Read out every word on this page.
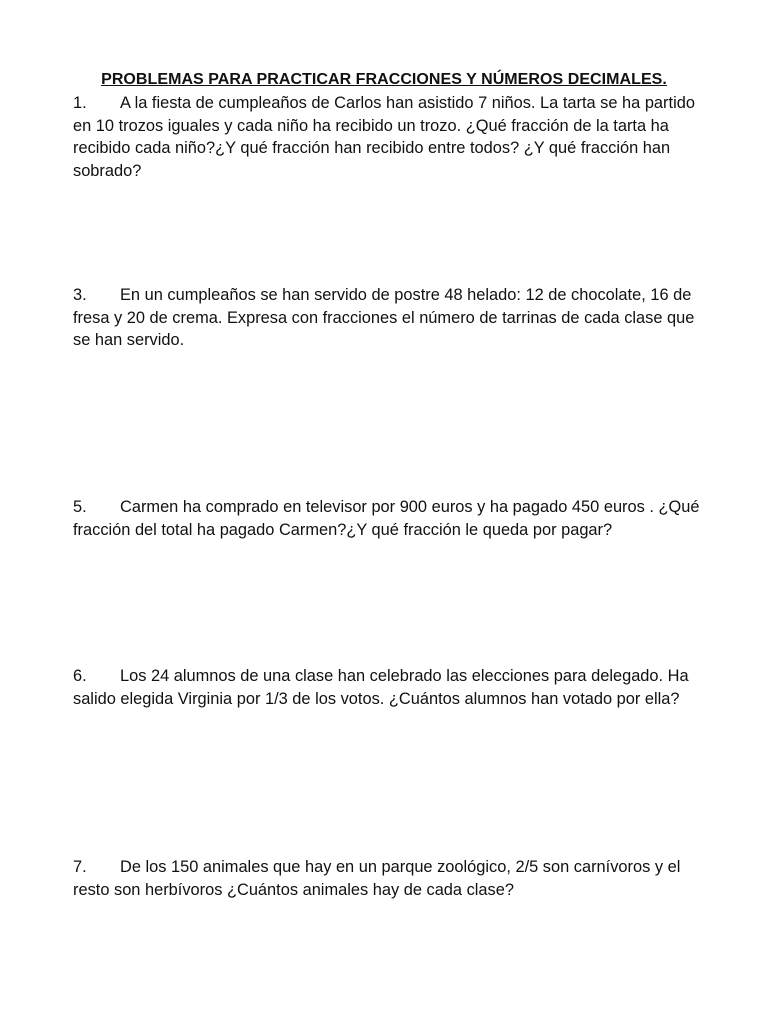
PROBLEMAS PARA PRACTICAR FRACCIONES Y NÚMEROS DECIMALES.
1. A la fiesta de cumpleaños de Carlos han asistido 7 niños. La tarta se ha partido en 10 trozos iguales y cada niño ha recibido un trozo. ¿Qué fracción de la tarta ha recibido cada niño?¿Y qué fracción han recibido entre todos? ¿Y qué fracción han sobrado?
3. En un cumpleaños se han servido de postre 48 helado: 12 de chocolate, 16 de fresa y 20 de crema. Expresa con fracciones el número de tarrinas de cada clase que se han servido.
5. Carmen ha comprado en televisor por 900 euros y ha pagado 450 euros . ¿Qué fracción del total ha pagado Carmen?¿Y qué fracción le queda por pagar?
6. Los 24 alumnos de una clase han celebrado las elecciones para delegado. Ha salido elegida Virginia por 1/3 de los votos. ¿Cuántos alumnos han votado por ella?
7. De los 150 animales que hay en un parque zoológico, 2/5 son carnívoros y el resto son herbívoros ¿Cuántos animales hay de cada clase?
